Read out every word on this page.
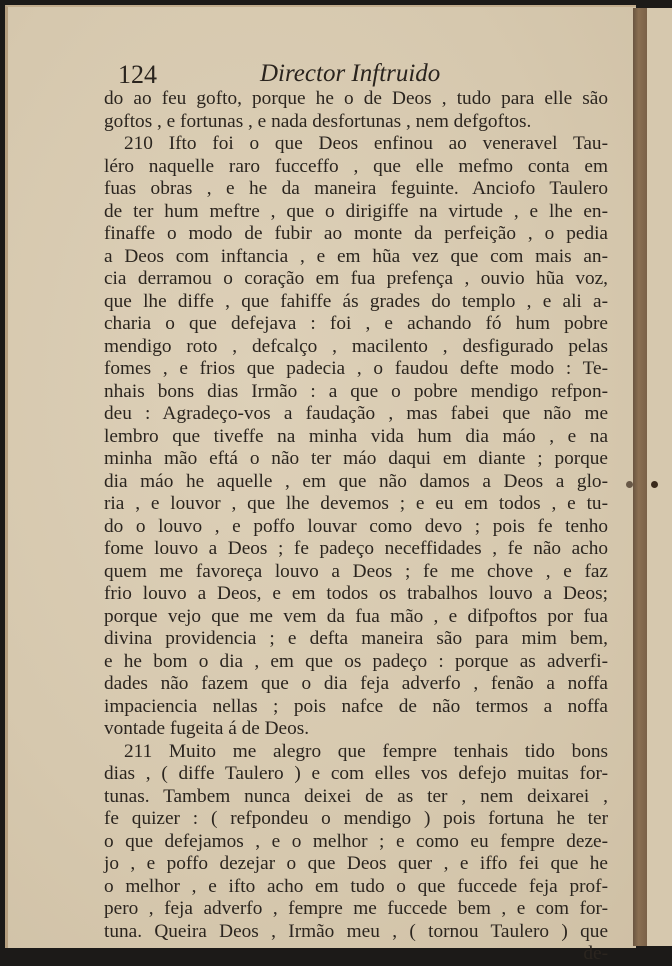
124	Director Inftruido
do ao feu gofto, porque he o de Deos , tudo para elle são
goftos , e fortunas , e nada desfortunas , nem defgoftos.
210 Ifto foi o que Deos enfinou ao veneravel Tau-
léro naquelle raro fucceffo , que elle mefmo conta em
fuas obras , e he da maneira feguinte. Anciofo Taulero
de ter hum meftre , que o dirigiffe na virtude , e lhe en-
finaffe o modo de fubir ao monte da perfeição , o pedia
a Deos com inftancia , e em hũa vez que com mais an-
cia derramou o coração em fua prefença , ouvio hũa voz,
que lhe diffe , que fahiffe ás grades do templo , e ali a-
charia o que defejava : foi , e achando fó hum pobre
mendigo roto , defcalço , macilento , desfigurado pelas
fomes , e frios que padecia , o faudou defte modo : Te-
nhais bons dias Irmão : a que o pobre mendigo refpon-
deu : Agradeço-vos a faudação , mas fabei que não me
lembro que tiveffe na minha vida hum dia máo , e na
minha mão eftá o não ter máo daqui em diante ; porque
dia máo he aquelle , em que não damos a Deos a glo-
ria , e louvor , que lhe devemos ; e eu em todos , e tu-
do o louvo , e poffo louvar como devo ; pois fe tenho
fome louvo a Deos ; fe padeço neceffidades , fe não acho
quem me favoreça louvo a Deos ; fe me chove , e faz
frio louvo a Deos, e em todos os trabalhos louvo a Deos;
porque vejo que me vem da fua mão , e difpoftos por fua
divina providencia ; e defta maneira são para mim bem,
e he bom o dia , em que os padeço : porque as adverfi-
dades não fazem que o dia feja adverfo , fenão a noffa
impaciencia nellas ; pois nafce de não termos a noffa
vontade fugeita á de Deos.
211 Muito me alegro que fempre tenhais tido bons
dias , ( diffe Taulero ) e com elles vos defejo muitas for-
tunas. Tambem nunca deixei de as ter , nem deixarei ,
fe quizer : ( refpondeu o mendigo ) pois fortuna he ter
o que defejamos , e o melhor ; e como eu fempre deze-
jo , e poffo dezejar o que Deos quer , e iffo fei que he
o melhor , e ifto acho em tudo o que fuccede feja prof-
pero , feja adverfo , fempre me fuccede bem , e com for-
tuna. Queira Deos , Irmão meu , ( tornou Taulero ) que
de-
